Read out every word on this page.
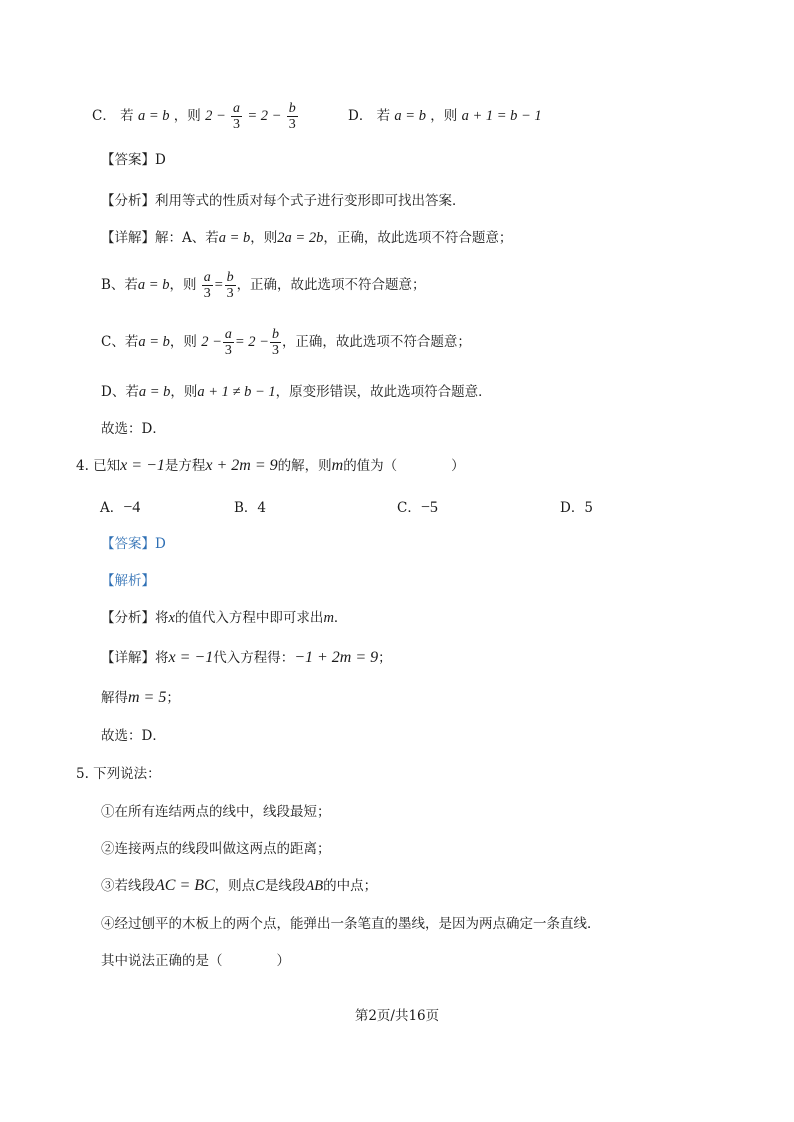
C． 若 a = b ，则 $2 - \frac{a}{3} = 2 - \frac{b}{3}$	D． 若 a = b ，则 a + 1 = b − 1
【答案】D
【分析】利用等式的性质对每个式子进行变形即可找出答案．
【详解】解：A、若a = b，则2a = 2b，正确，故此选项不符合题意；
B、若a = b，则 $\frac{a}{3} = \frac{b}{3}$ ，正确，故此选项不符合题意；
C、若a = b，则 $2 - \frac{a}{3} = 2 - \frac{b}{3}$ ，正确，故此选项不符合题意；
D、若a = b，则a + 1 ≠ b − 1，原变形错误，故此选项符合题意．
故选：D．
4. 已知x = −1是方程x + 2m = 9的解，则m的值为（　　　　）
A．−4	B．4	C．−5	D．5
【答案】D
【解析】
【分析】将x的值代入方程中即可求出m．
【详解】将x = −1代入方程得：−1 + 2m = 9；
解得m = 5；
故选：D．
5. 下列说法：
①在所有连结两点的线中，线段最短；
②连接两点的线段叫做这两点的距离；
③若线段AC = BC，则点C是线段AB的中点；
④经过刨平的木板上的两个点，能弹出一条笔直的墨线，是因为两点确定一条直线．
其中说法正确的是（　　　　）
第2页/共16页
